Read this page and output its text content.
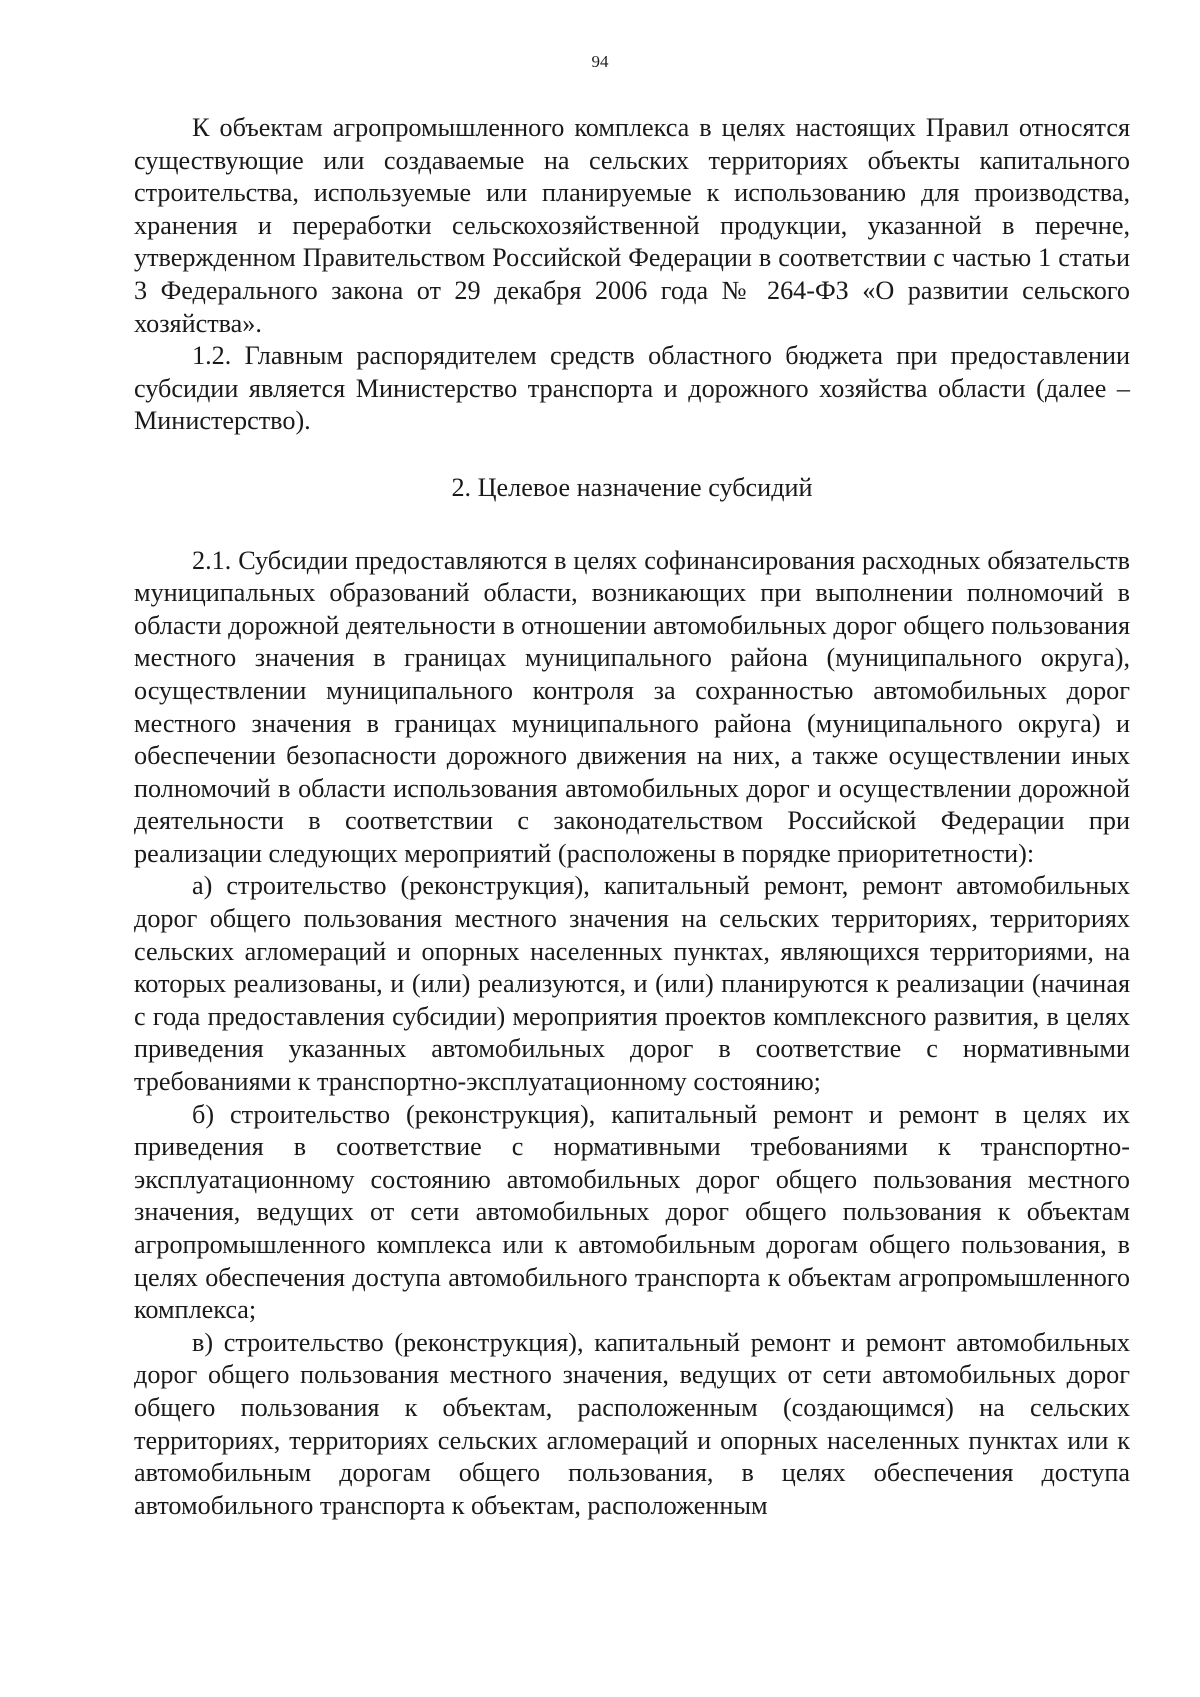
94

К объектам агропромышленного комплекса в целях настоящих Правил относятся существующие или создаваемые на сельских территориях объекты капитального строительства, используемые или планируемые к использованию для производства, хранения и переработки сельскохозяйственной продукции, указанной в перечне, утвержденном Правительством Российской Федерации в соответствии с частью 1 статьи 3 Федерального закона от 29 декабря 2006 года № 264-ФЗ «О развитии сельского хозяйства».

1.2. Главным распорядителем средств областного бюджета при предоставлении субсидии является Министерство транспорта и дорожного хозяйства области (далее – Министерство).

2. Целевое назначение субсидий

2.1. Субсидии предоставляются в целях софинансирования расходных обязательств муниципальных образований области, возникающих при выполнении полномочий в области дорожной деятельности в отношении автомобильных дорог общего пользования местного значения в границах муниципального района (муниципального округа), осуществлении муниципального контроля за сохранностью автомобильных дорог местного значения в границах муниципального района (муниципального округа) и обеспечении безопасности дорожного движения на них, а также осуществлении иных полномочий в области использования автомобильных дорог и осуществлении дорожной деятельности в соответствии с законодательством Российской Федерации при реализации следующих мероприятий (расположены в порядке приоритетности):

а) строительство (реконструкция), капитальный ремонт, ремонт автомобильных дорог общего пользования местного значения на сельских территориях, территориях сельских агломераций и опорных населенных пунктах, являющихся территориями, на которых реализованы, и (или) реализуются, и (или) планируются к реализации (начиная с года предоставления субсидии) мероприятия проектов комплексного развития, в целях приведения указанных автомобильных дорог в соответствие с нормативными требованиями к транспортно-эксплуатационному состоянию;

б) строительство (реконструкция), капитальный ремонт и ремонт в целях их приведения в соответствие с нормативными требованиями к транспортно-эксплуатационному состоянию автомобильных дорог общего пользования местного значения, ведущих от сети автомобильных дорог общего пользования к объектам агропромышленного комплекса или к автомобильным дорогам общего пользования, в целях обеспечения доступа автомобильного транспорта к объектам агропромышленного комплекса;

в) строительство (реконструкция), капитальный ремонт и ремонт автомобильных дорог общего пользования местного значения, ведущих от сети автомобильных дорог общего пользования к объектам, расположенным (создающимся) на сельских территориях, территориях сельских агломераций и опорных населенных пунктах или к автомобильным дорогам общего пользования, в целях обеспечения доступа автомобильного транспорта к объектам, расположенным
